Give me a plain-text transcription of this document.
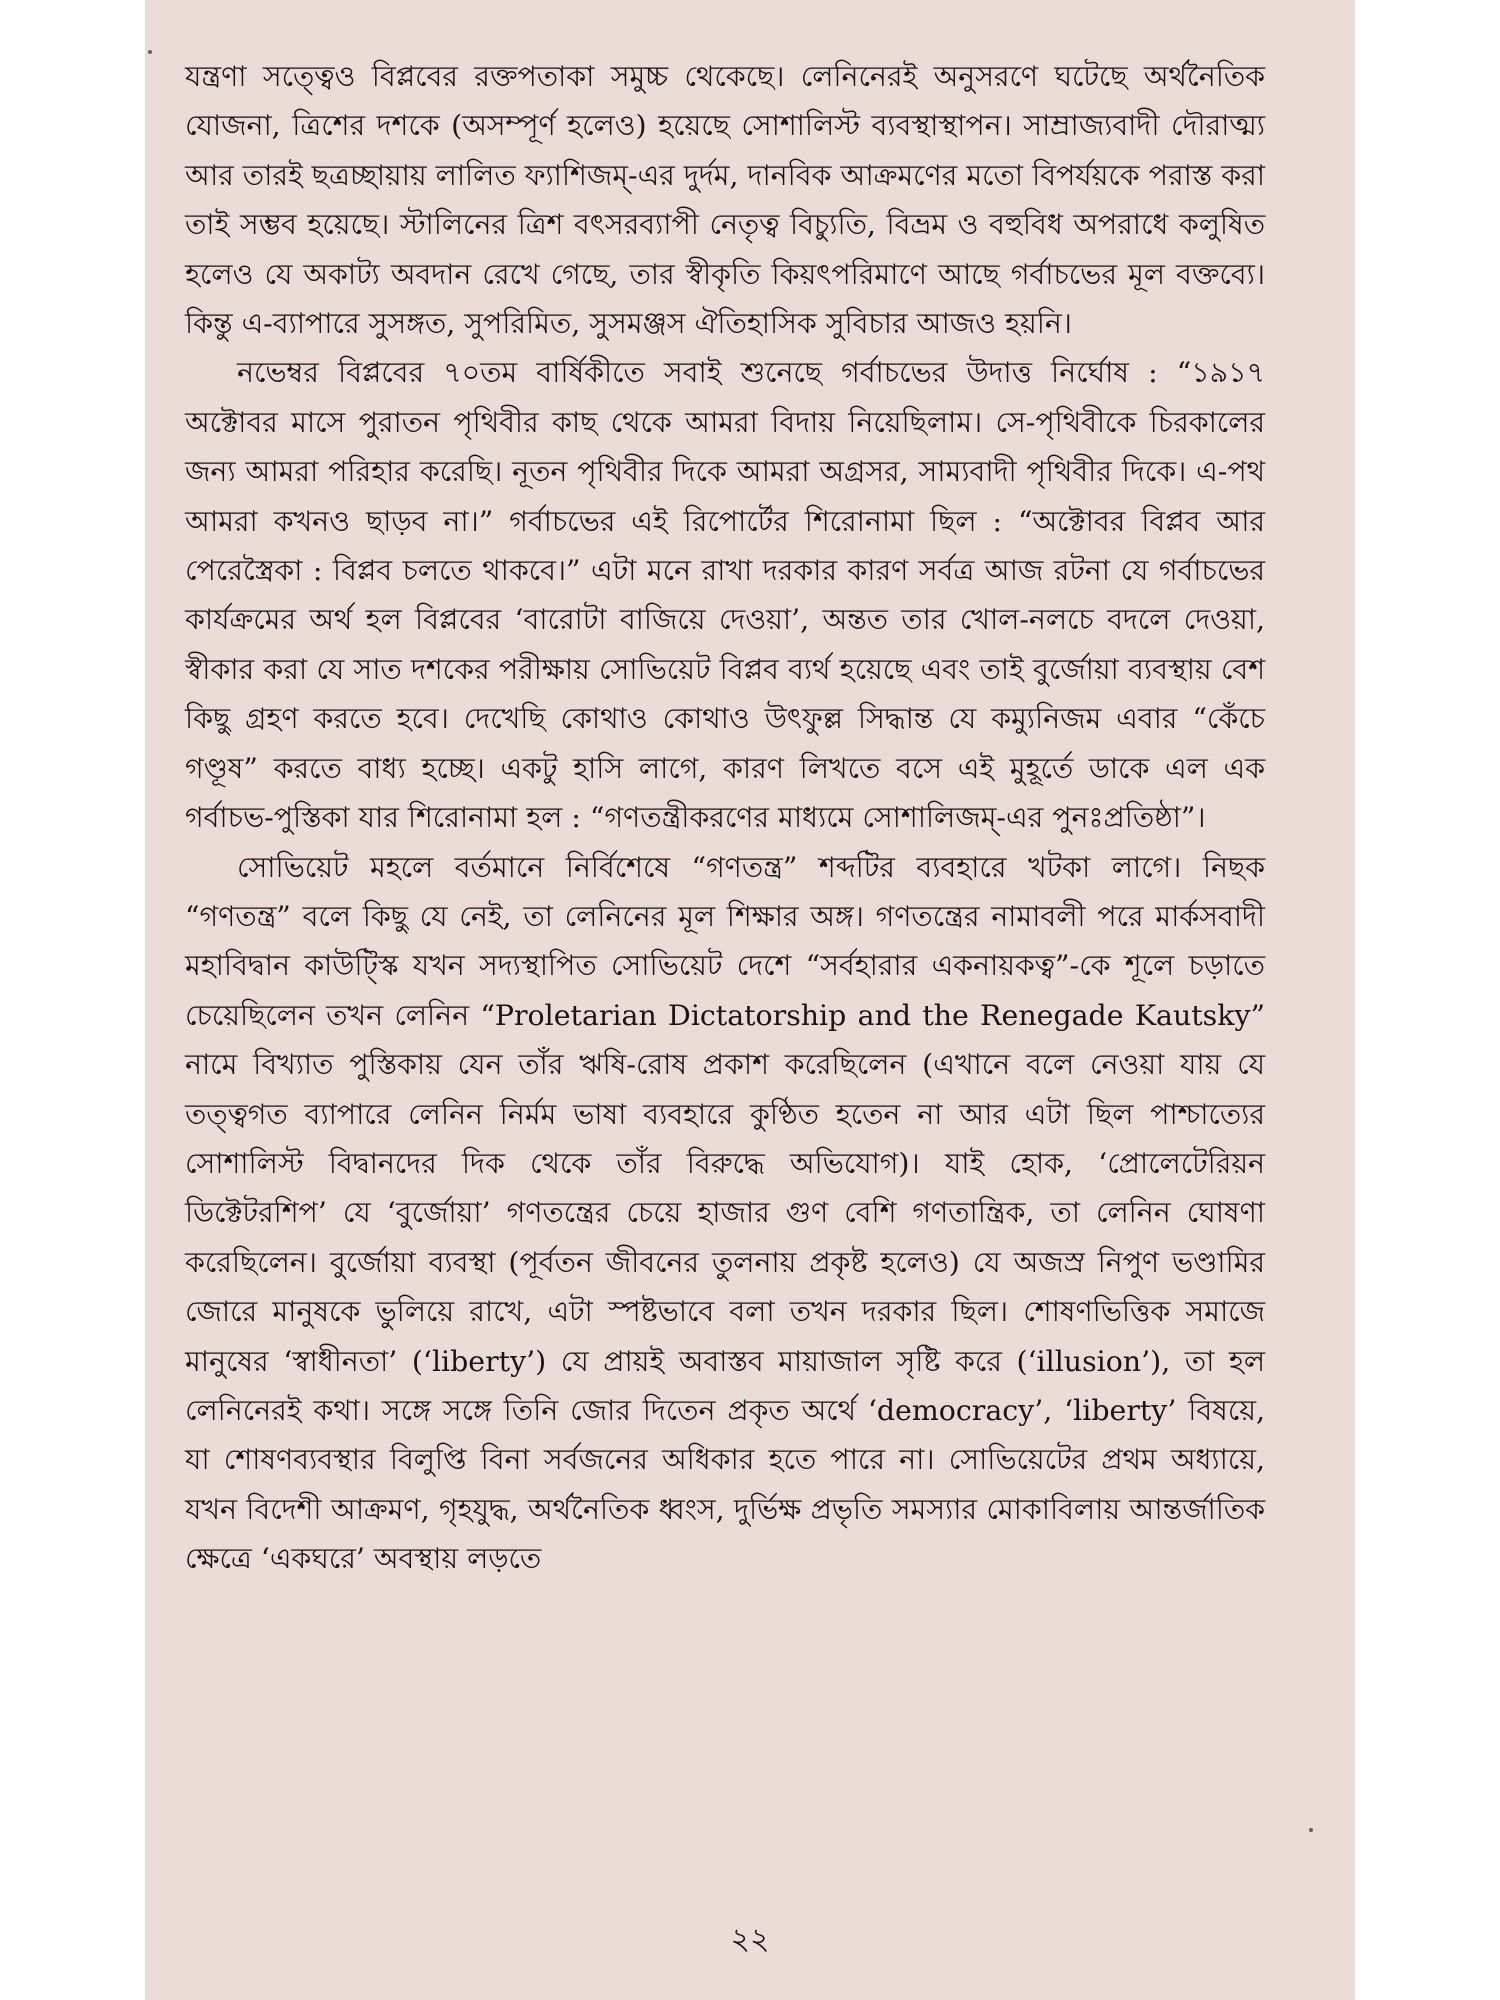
যন্ত্রণা সত্ত্বেও বিপ্লবের রক্তপতাকা সমুচ্চ থেকেছে। লেনিনেরই অনুসরণে ঘটেছে অর্থনৈতিক যোজনা, ত্রিশের দশকে (অসম্পূর্ণ হলেও) হয়েছে সোশালিস্ট ব্যবস্থাস্থাপন। সাম্রাজ্যবাদী দৌরাত্ম্য আর তারই ছত্রচ্ছায়ায় লালিত ফ্যাশিজম্-এর দুর্দম, দানবিক আক্রমণের মতো বিপর্যয়কে পরাস্ত করা তাই সম্ভব হয়েছে। স্টালিনের ত্রিশ বৎসরব্যাপী নেতৃত্ব বিচ্যুতি, বিভ্রম ও বহুবিধ অপরাধে কলুষিত হলেও যে অকাট্য অবদান রেখে গেছে, তার স্বীকৃতি কিয়ৎপরিমাণে আছে গর্বাচভের মূল বক্তব্যে। কিন্তু এ-ব্যাপারে সুসঙ্গত, সুপরিমিত, সুসমঞ্জস ঐতিহাসিক সুবিচার আজও হয়নি।

নভেম্বর বিপ্লবের ৭০তম বার্ষিকীতে সবাই শুনেছে গর্বাচভের উদাত্ত নির্ঘোষ : “১৯১৭ অক্টোবর মাসে পুরাতন পৃথিবীর কাছ থেকে আমরা বিদায় নিয়েছিলাম। সে-পৃথিবীকে চিরকালের জন্য আমরা পরিহার করেছি। নূতন পৃথিবীর দিকে আমরা অগ্রসর, সাম্যবাদী পৃথিবীর দিকে। এ-পথ আমরা কখনও ছাড়ব না।” গর্বাচভের এই রিপোর্টের শিরোনামা ছিল : “অক্টোবর বিপ্লব আর পেরেস্ত্রৈকা : বিপ্লব চলতে থাকবে।” এটা মনে রাখা দরকার কারণ সর্বত্র আজ রটনা যে গর্বাচভের কার্যক্রমের অর্থ হল বিপ্লবের ‘বারোটা বাজিয়ে দেওয়া’, অন্তত তার খোল-নলচে বদলে দেওয়া, স্বীকার করা যে সাত দশকের পরীক্ষায় সোভিয়েট বিপ্লব ব্যর্থ হয়েছে এবং তাই বুর্জোয়া ব্যবস্থায় বেশ কিছু গ্রহণ করতে হবে। দেখেছি কোথাও কোথাও উৎফুল্ল সিদ্ধান্ত যে কম্যুনিজম এবার “কেঁচে গণ্ডূষ” করতে বাধ্য হচ্ছে। একটু হাসি লাগে, কারণ লিখতে বসে এই মুহূর্তে ডাকে এল এক গর্বাচভ-পুস্তিকা যার শিরোনামা হল : “গণতন্ত্রীকরণের মাধ্যমে সোশালিজম্-এর পুনঃপ্রতিষ্ঠা”।

সোভিয়েট মহলে বর্তমানে নির্বিশেষে “গণতন্ত্র” শব্দটির ব্যবহারে খটকা লাগে। নিছক “গণতন্ত্র” বলে কিছু যে নেই, তা লেনিনের মূল শিক্ষার অঙ্গ। গণতন্ত্রের নামাবলী পরে মার্কসবাদী মহাবিদ্বান কাউট্স্কি যখন সদ্যস্থাপিত সোভিয়েট দেশে “সর্বহারার একনায়কত্ব”-কে শূলে চড়াতে চেয়েছিলেন তখন লেনিন “Proletarian Dictatorship and the Renegade Kautsky” নামে বিখ্যাত পুস্তিকায় যেন তাঁর ঋষি-রোষ প্রকাশ করেছিলেন (এখানে বলে নেওয়া যায় যে তত্ত্বগত ব্যাপারে লেনিন নির্মম ভাষা ব্যবহারে কুণ্ঠিত হতেন না আর এটা ছিল পাশ্চাত্যের সোশালিস্ট বিদ্বানদের দিক থেকে তাঁর বিরুদ্ধে অভিযোগ)। যাই হোক, ‘প্রোলেটেরিয়ন ডিক্টেটরশিপ’ যে ‘বুর্জোয়া’ গণতন্ত্রের চেয়ে হাজার গুণ বেশি গণতান্ত্রিক, তা লেনিন ঘোষণা করেছিলেন। বুর্জোয়া ব্যবস্থা (পূর্বতন জীবনের তুলনায় প্রকৃষ্ট হলেও) যে অজস্র নিপুণ ভণ্ডামির জোরে মানুষকে ভুলিয়ে রাখে, এটা স্পষ্টভাবে বলা তখন দরকার ছিল। শোষণভিত্তিক সমাজে মানুষের ‘স্বাধীনতা’ (‘liberty’) যে প্রায়ই অবাস্তব মায়াজাল সৃষ্টি করে (‘illusion’), তা হল লেনিনেরই কথা। সঙ্গে সঙ্গে তিনি জোর দিতেন প্রকৃত অর্থে ‘democracy’, ‘liberty’ বিষয়ে, যা শোষণব্যবস্থার বিলুপ্তি বিনা সর্বজনের অধিকার হতে পারে না। সোভিয়েটের প্রথম অধ্যায়ে, যখন বিদেশী আক্রমণ, গৃহযুদ্ধ, অর্থনৈতিক ধ্বংস, দুর্ভিক্ষ প্রভৃতি সমস্যার মোকাবিলায় আন্তর্জাতিক ক্ষেত্রে ‘একঘরে’ অবস্থায় লড়তে

২২
